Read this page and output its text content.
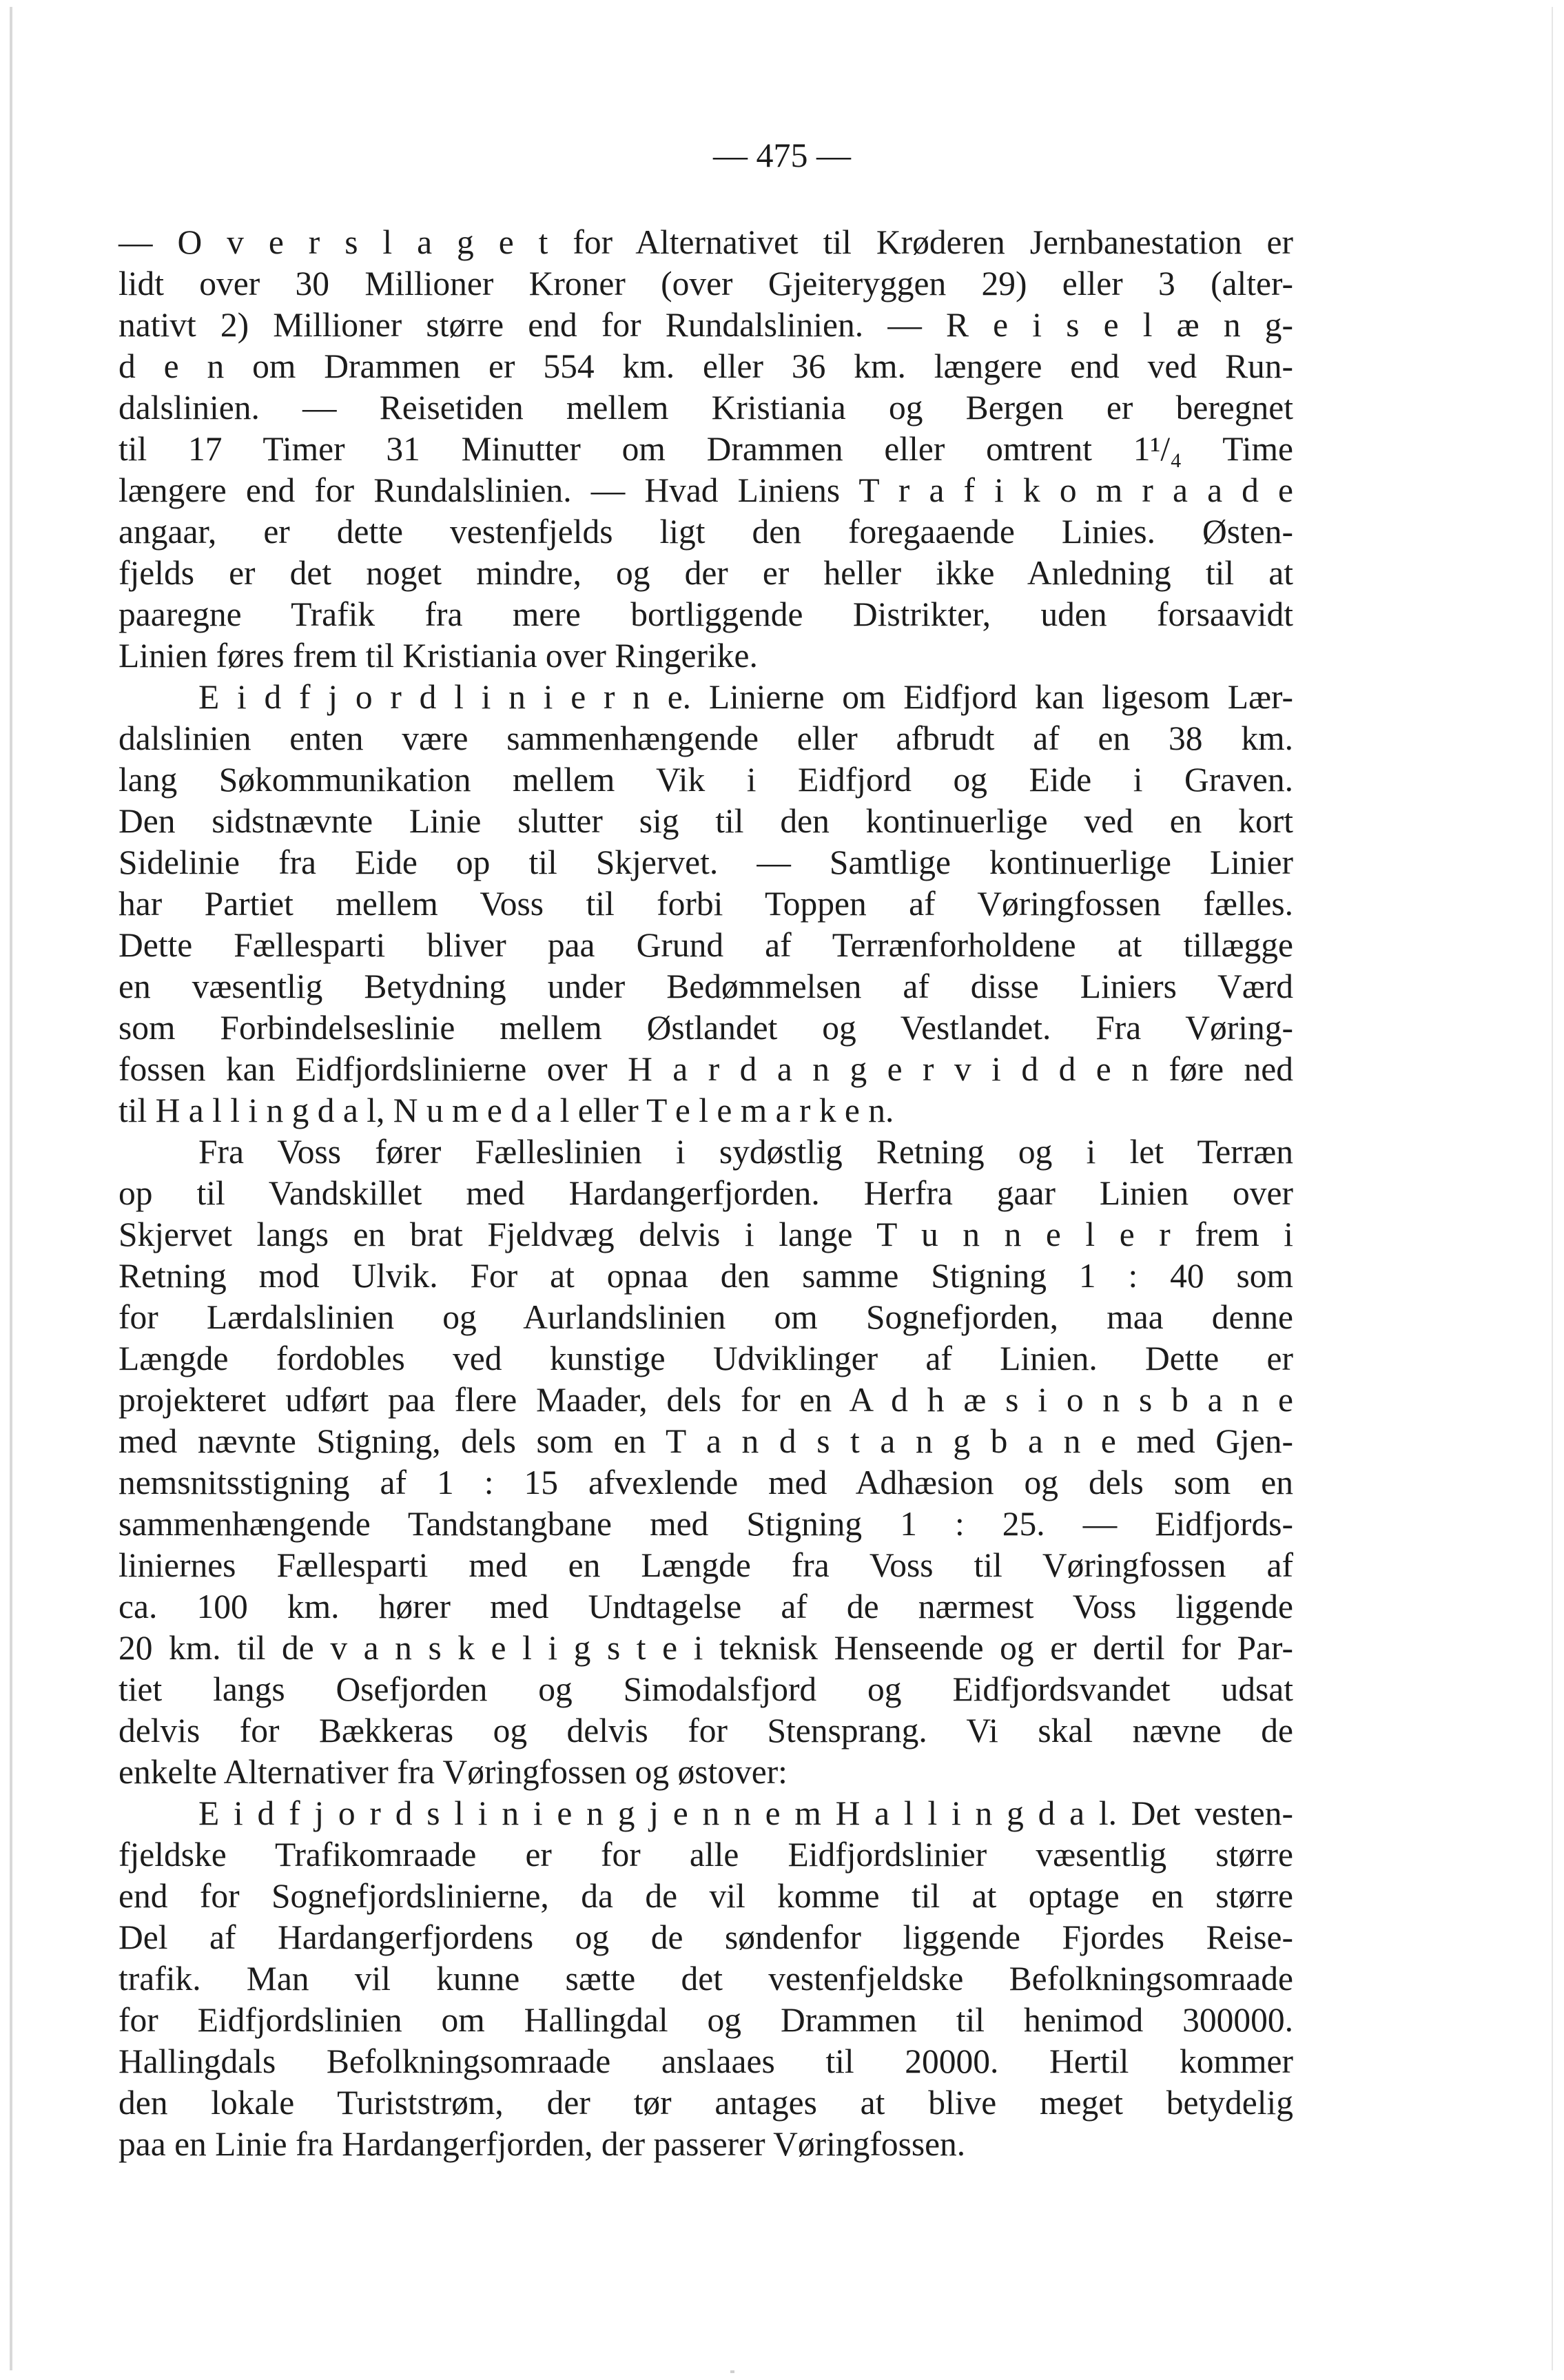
— 475 —
— O v e r s l a g e t for Alternativet til Krøderen Jernbanestation er
lidt over 30 Millioner Kroner (over Gjeiteryggen 29) eller 3 (alter-
nativt 2) Millioner større end for Rundalslinien. — R e i s e l æ n g-
d e n om Drammen er 554 km. eller 36 km. længere end ved Run-
dalslinien. — Reisetiden mellem Kristiania og Bergen er beregnet
til 17 Timer 31 Minutter om Drammen eller omtrent 1¹/₄ Time
længere end for Rundalslinien. — Hvad Liniens T r a f i k o m r a a d e
angaar, er dette vestenfjelds ligt den foregaaende Linies. Østen-
fjelds er det noget mindre, og der er heller ikke Anledning til at
paaregne Trafik fra mere bortliggende Distrikter, uden forsaavidt
Linien føres frem til Kristiania over Ringerike.
E i d f j o r d l i n i e r n e. Linierne om Eidfjord kan ligesom Lær-
dalslinien enten være sammenhængende eller afbrudt af en 38 km.
lang Søkommunikation mellem Vik i Eidfjord og Eide i Graven.
Den sidstnævnte Linie slutter sig til den kontinuerlige ved en kort
Sidelinie fra Eide op til Skjervet. — Samtlige kontinuerlige Linier
har Partiet mellem Voss til forbi Toppen af Vøringfossen fælles.
Dette Fællesparti bliver paa Grund af Terrænforholdene at tillægge
en væsentlig Betydning under Bedømmelsen af disse Liniers Værd
som Forbindelseslinie mellem Østlandet og Vestlandet. Fra Vøring-
fossen kan Eidfjordslinierne over H a r d a n g e r v i d d e n føre ned
til H a l l i n g d a l, N u m e d a l eller T e l e m a r k e n.
Fra Voss fører Fælleslinien i sydøstlig Retning og i let Terræn
op til Vandskillet med Hardangerfjorden. Herfra gaar Linien over
Skjervet langs en brat Fjeldvæg delvis i lange T u n n e l e r frem i
Retning mod Ulvik. For at opnaa den samme Stigning 1 : 40 som
for Lærdalslinien og Aurlandslinien om Sognefjorden, maa denne
Længde fordobles ved kunstige Udviklinger af Linien. Dette er
projekteret udført paa flere Maader, dels for en A d h æ s i o n s b a n e
med nævnte Stigning, dels som en T a n d s t a n g b a n e med Gjen-
nemsnitsstigning af 1 : 15 afvexlende med Adhæsion og dels som en
sammenhængende Tandstangbane med Stigning 1 : 25. — Eidfjords-
liniernes Fællesparti med en Længde fra Voss til Vøringfossen af
ca. 100 km. hører med Undtagelse af de nærmest Voss liggende
20 km. til de v a n s k e l i g s t e i teknisk Henseende og er dertil for Par-
tiet langs Osefjorden og Simodalsfjord og Eidfjordsvandet udsat
delvis for Bækkeras og delvis for Stensprang. Vi skal nævne de
enkelte Alternativer fra Vøringfossen og østover:
E i d f j o r d s l i n i e n g j e n n e m H a l l i n g d a l. Det vesten-
fjeldske Trafikomraade er for alle Eidfjordslinier væsentlig større
end for Sognefjordslinierne, da de vil komme til at optage en større
Del af Hardangerfjordens og de søndenfor liggende Fjordes Reise-
trafik. Man vil kunne sætte det vestenfjeldske Befolkningsomraade
for Eidfjordslinien om Hallingdal og Drammen til henimod 300000.
Hallingdals Befolkningsomraade anslaaes til 20000. Hertil kommer
den lokale Turiststrøm, der tør antages at blive meget betydelig
paa en Linie fra Hardangerfjorden, der passerer Vøringfossen.
